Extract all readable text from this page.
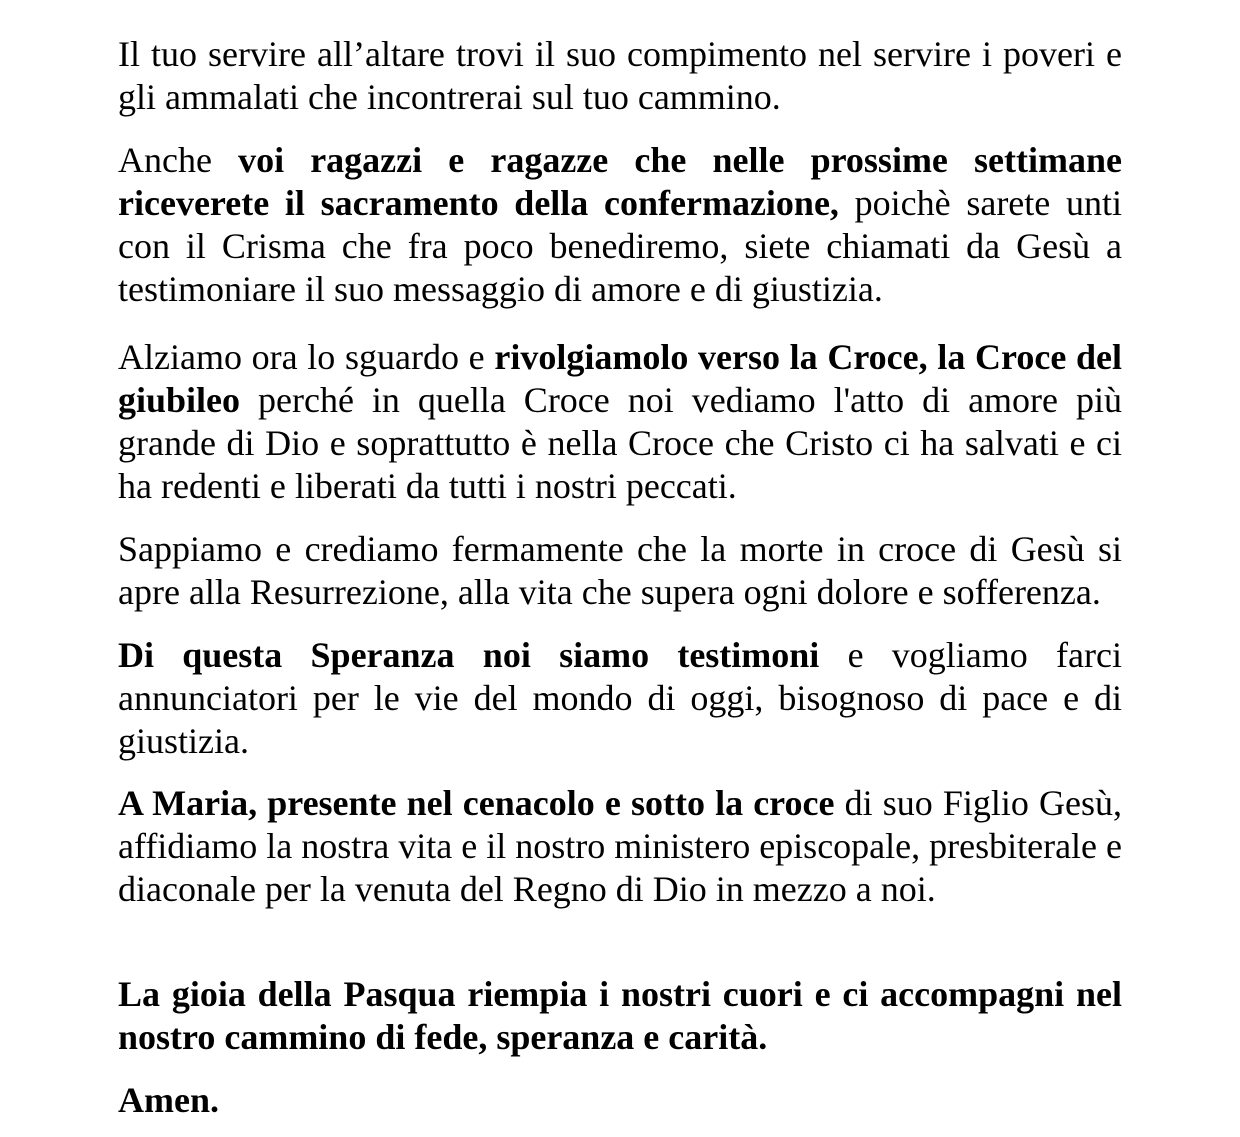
Il tuo servire all’altare trovi il suo compimento nel servire i poveri e gli ammalati che incontrerai sul tuo cammino.

Anche voi ragazzi e ragazze che nelle prossime settimane riceverete il sacramento della confermazione, poichè sarete unti con il Crisma che fra poco benediremo, siete chiamati da Gesù a testimoniare il suo messaggio di amore e di giustizia.

Alziamo ora lo sguardo e rivolgiamolo verso la Croce, la Croce del giubileo perché in quella Croce noi vediamo l'atto di amore più grande di Dio e soprattutto è nella Croce che Cristo ci ha salvati e ci ha redenti e liberati da tutti i nostri peccati.

Sappiamo e crediamo fermamente che la morte in croce di Gesù si apre alla Resurrezione, alla vita che supera ogni dolore e sofferenza.

Di questa Speranza noi siamo testimoni e vogliamo farci annunciatori per le vie del mondo di oggi, bisognoso di pace e di giustizia.

A Maria, presente nel cenacolo e sotto la croce di suo Figlio Gesù, affidiamo la nostra vita e il nostro ministero episcopale, presbiterale e diaconale per la venuta del Regno di Dio in mezzo a noi.

La gioia della Pasqua riempia i nostri cuori e ci accompagni nel nostro cammino di fede, speranza e carità.

Amen.
